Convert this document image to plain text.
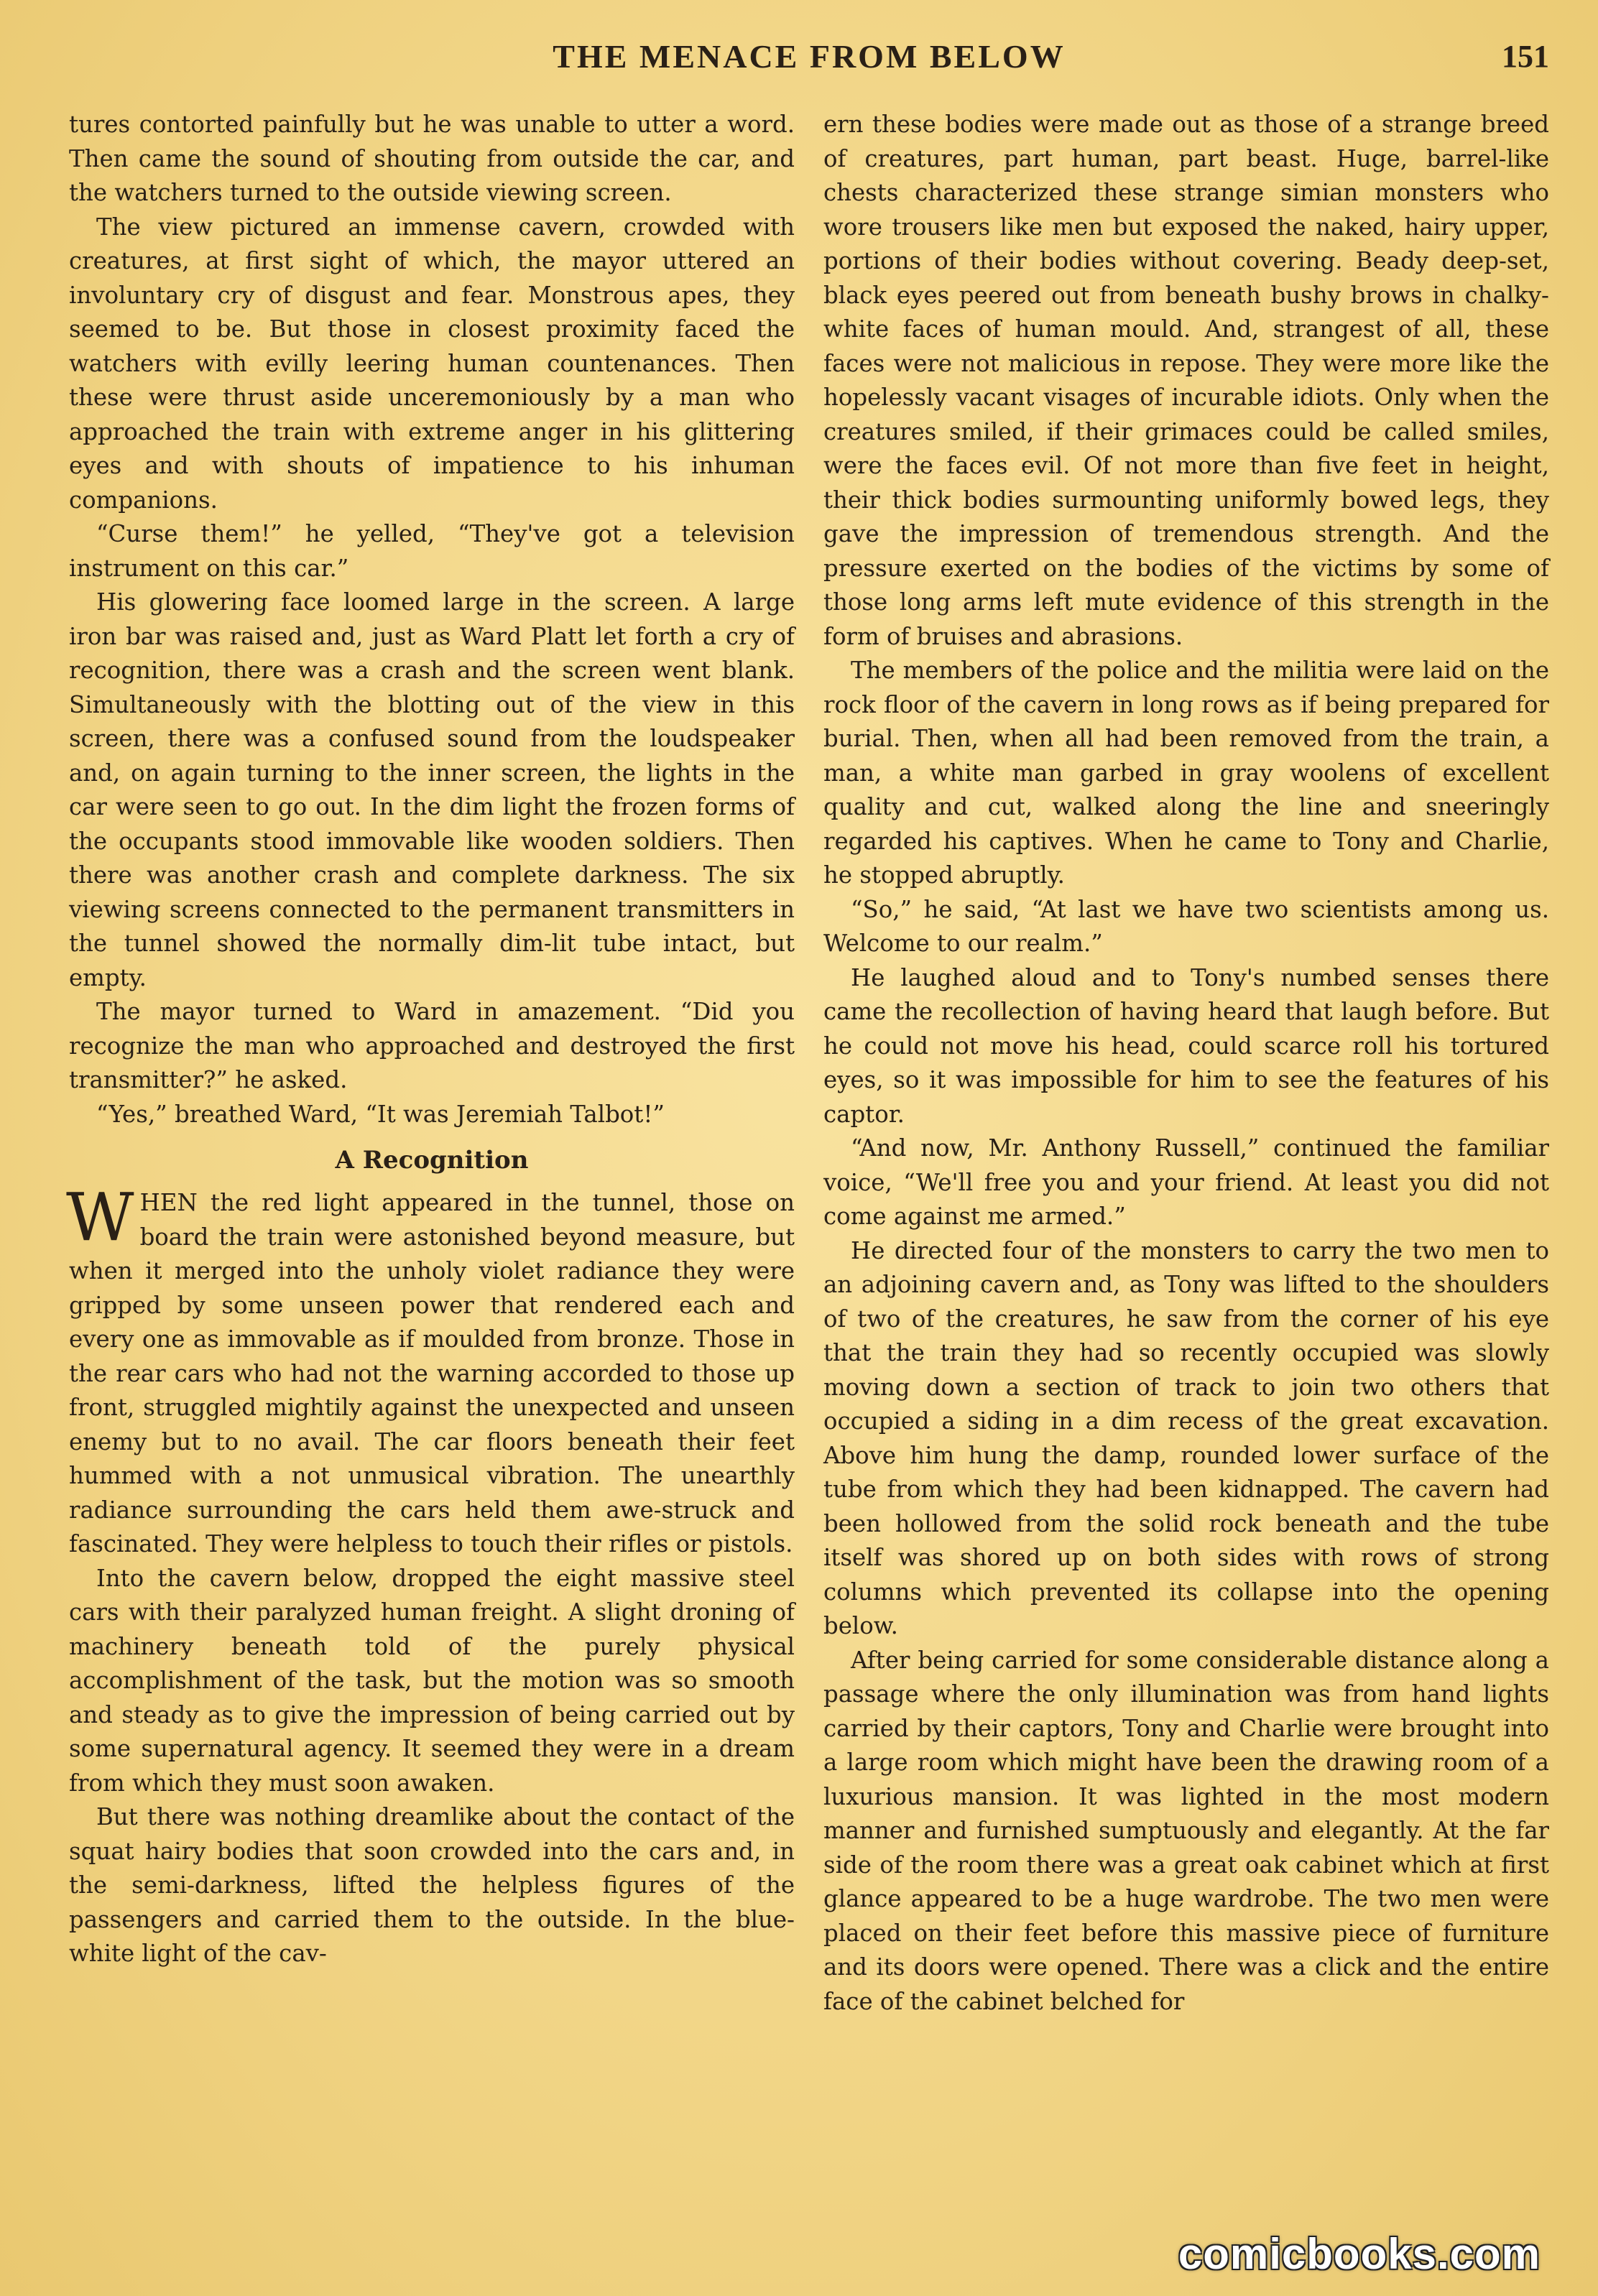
THE MENACE FROM BELOW	151

tures contorted painfully but he was unable to utter a word. Then came the sound of shouting from outside the car, and the watchers turned to the outside viewing screen.

The view pictured an immense cavern, crowded with creatures, at first sight of which, the mayor uttered an involuntary cry of disgust and fear. Monstrous apes, they seemed to be. But those in closest proximity faced the watchers with evilly leering human countenances. Then these were thrust aside unceremoniously by a man who approached the train with extreme anger in his glittering eyes and with shouts of impatience to his inhuman companions.

“Curse them!” he yelled, “They've got a television instrument on this car.”

His glowering face loomed large in the screen. A large iron bar was raised and, just as Ward Platt let forth a cry of recognition, there was a crash and the screen went blank. Simultaneously with the blotting out of the view in this screen, there was a confused sound from the loudspeaker and, on again turning to the inner screen, the lights in the car were seen to go out. In the dim light the frozen forms of the occupants stood immovable like wooden soldiers. Then there was another crash and complete darkness. The six viewing screens connected to the permanent transmitters in the tunnel showed the normally dim-lit tube intact, but empty.

The mayor turned to Ward in amazement. “Did you recognize the man who approached and destroyed the first transmitter?” he asked.

“Yes,” breathed Ward, “It was Jeremiah Talbot!”

A Recognition

WHEN the red light appeared in the tunnel, those on board the train were astonished beyond measure, but when it merged into the unholy violet radiance they were gripped by some unseen power that rendered each and every one as immovable as if moulded from bronze. Those in the rear cars who had not the warning accorded to those up front, struggled mightily against the unexpected and unseen enemy but to no avail. The car floors beneath their feet hummed with a not unmusical vibration. The unearthly radiance surrounding the cars held them awe-struck and fascinated. They were helpless to touch their rifles or pistols.

Into the cavern below, dropped the eight massive steel cars with their paralyzed human freight. A slight droning of machinery beneath told of the purely physical accomplishment of the task, but the motion was so smooth and steady as to give the impression of being carried out by some supernatural agency. It seemed they were in a dream from which they must soon awaken.

But there was nothing dreamlike about the contact of the squat hairy bodies that soon crowded into the cars and, in the semi-darkness, lifted the helpless figures of the passengers and carried them to the outside. In the blue-white light of the cav-

ern these bodies were made out as those of a strange breed of creatures, part human, part beast. Huge, barrel-like chests characterized these strange simian monsters who wore trousers like men but exposed the naked, hairy upper, portions of their bodies without covering. Beady deep-set, black eyes peered out from beneath bushy brows in chalky-white faces of human mould. And, strangest of all, these faces were not malicious in repose. They were more like the hopelessly vacant visages of incurable idiots. Only when the creatures smiled, if their grimaces could be called smiles, were the faces evil. Of not more than five feet in height, their thick bodies surmounting uniformly bowed legs, they gave the impression of tremendous strength. And the pressure exerted on the bodies of the victims by some of those long arms left mute evidence of this strength in the form of bruises and abrasions.

The members of the police and the militia were laid on the rock floor of the cavern in long rows as if being prepared for burial. Then, when all had been removed from the train, a man, a white man garbed in gray woolens of excellent quality and cut, walked along the line and sneeringly regarded his captives. When he came to Tony and Charlie, he stopped abruptly.

“So,” he said, “At last we have two scientists among us. Welcome to our realm.”

He laughed aloud and to Tony's numbed senses there came the recollection of having heard that laugh before. But he could not move his head, could scarce roll his tortured eyes, so it was impossible for him to see the features of his captor.

“And now, Mr. Anthony Russell,” continued the familiar voice, “We'll free you and your friend. At least you did not come against me armed.”

He directed four of the monsters to carry the two men to an adjoining cavern and, as Tony was lifted to the shoulders of two of the creatures, he saw from the corner of his eye that the train they had so recently occupied was slowly moving down a section of track to join two others that occupied a siding in a dim recess of the great excavation. Above him hung the damp, rounded lower surface of the tube from which they had been kidnapped. The cavern had been hollowed from the solid rock beneath and the tube itself was shored up on both sides with rows of strong columns which prevented its collapse into the opening below.

After being carried for some considerable distance along a passage where the only illumination was from hand lights carried by their captors, Tony and Charlie were brought into a large room which might have been the drawing room of a luxurious mansion. It was lighted in the most modern manner and furnished sumptuously and elegantly. At the far side of the room there was a great oak cabinet which at first glance appeared to be a huge wardrobe. The two men were placed on their feet before this massive piece of furniture and its doors were opened. There was a click and the entire face of the cabinet belched for

comicbooks.com
